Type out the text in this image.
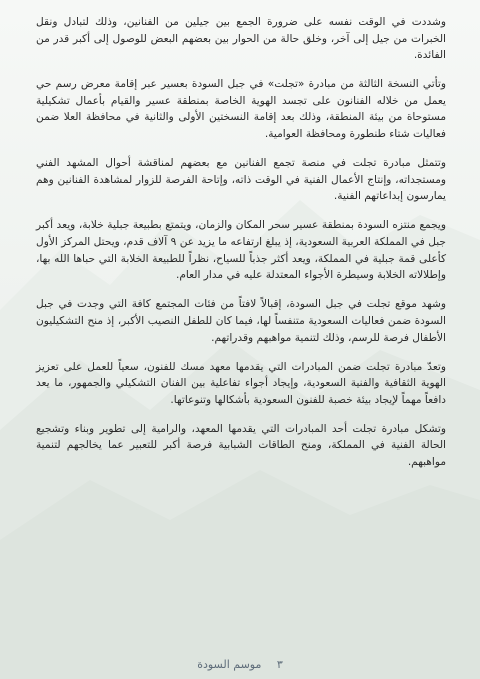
وشددت في الوقت نفسه على ضرورة الجمع بين جيلين من الفنانين، وذلك لتبادل ونقل الخبرات من جيل إلى آخر، وخلق حالة من الحوار بين بعضهم البعض للوصول إلى أكبر قدر من الفائدة.

وتأتي النسخة الثالثة من مبادرة «تجلت» في جبل السودة بعسير عبر إقامة معرض رسم حي يعمل من خلاله الفنانون على تجسد الهوية الخاصة بمنطقة عسير والقيام بأعمال تشكيلية مستوحاة من بيئة المنطقة، وذلك بعد إقامة النسختين الأولى والثانية في محافظة العلا ضمن فعاليات شتاء طنطورة ومحافظة العوامية.

وتتمثل مبادرة تجلت في منصة تجمع الفنانين مع بعضهم لمناقشة أحوال المشهد الفني ومستجداته، وإنتاج الأعمال الفنية في الوقت ذاته، وإتاحة الفرصة للزوار لمشاهدة الفنانين وهم يمارسون إبداعاتهم الفنية.

ويجمع منتزه السودة بمنطقة عسير سحر المكان والزمان، ويتمتع بطبيعة جبلية خلابة، ويعد أكبر جبل في المملكة العربية السعودية، إذ يبلغ ارتفاعه ما يزيد عن ٩ آلاف قدم، ويحتل المركز الأول كأعلى قمة جبلية في المملكة، ويعد أكثر جذباً للسياح، نظراً للطبيعة الخلابة التي حباها الله بها، وإطلالاته الخلابة وسيطرة الأجواء المعتدلة عليه في مدار العام.

وشهد موقع تجلت في جبل السودة، إقبالاً لافتاً من فئات المجتمع كافة التي وجدت في جبل السودة ضمن فعاليات السعودية متنفساً لها، فيما كان للطفل النصيب الأكبر، إذ منح التشكيليون الأطفال فرصة للرسم، وذلك لتنمية مواهبهم وقدراتهم.

وتعدّ مبادرة تجلت ضمن المبادرات التي يقدمها معهد مسك للفنون، سعياً للعمل على تعزيز الهوية الثقافية والفنية السعودية، وإيجاد أجواء تفاعلية بين الفنان التشكيلي والجمهور، ما يعد دافعاً مهماً لإيجاد بيئة خصبة للفنون السعودية بأشكالها وتنوعاتها.

وتشكل مبادرة تجلت أحد المبادرات التي يقدمها المعهد، والرامية إلى تطوير وبناء وتشجيع الحالة الفنية في المملكة، ومنح الطاقات الشبابية فرصة أكبر للتعبير عما يخالجهم لتنمية مواهبهم.

٣ موسم السودة
